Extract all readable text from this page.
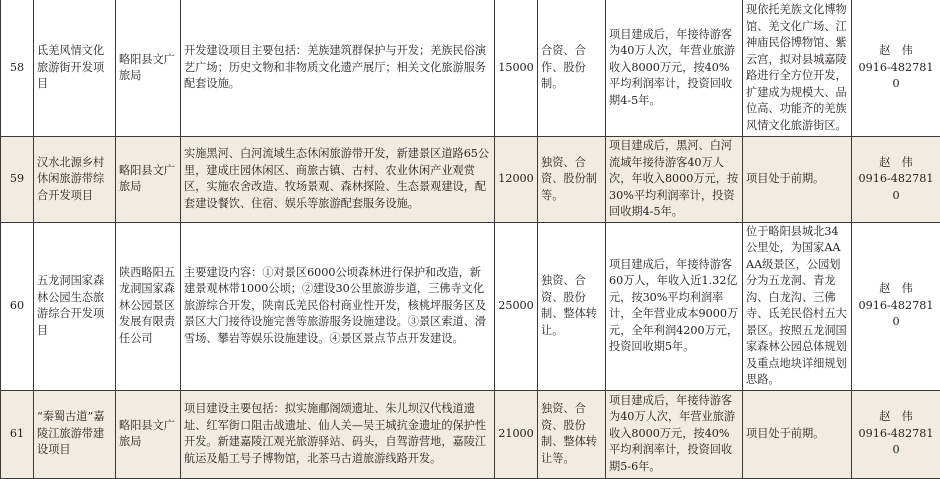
58	氐羌风情文化旅游街开发项目	略阳县文广旅局	开发建设项目主要包括：羌族建筑群保护与开发；羌族民俗演艺广场；历史文物和非物质文化遗产展厅；相关文化旅游服务配套设施。	15000	合资、合作、股份制。	项目建成后，年接待游客为40万人次，年营业旅游收入8000万元，按40%平均利润率计，投资回收期4-5年。	现依托羌族文化博物馆、羌文化广场、江神庙民俗博物馆、紫云宫，拟对县城嘉陵路进行全方位开发，扩建成为规模大、品位高、功能齐的羌族风情文化旅游街区。	赵　伟
0916-4827810

59	汉水北源乡村休闲旅游带综合开发项目	略阳县文广旅局	实施黑河、白河流域生态休闲旅游带开发，新建景区道路65公里，建成庄园休闲区、商旅古镇、古村、农业休闲产业观赏区，实施农舍改造、牧场景观、森林探险、生态景观建设，配套建设餐饮、住宿、娱乐等旅游配套服务设施。	12000	独资、合资、股份制等。	项目建成后，黑河、白河流域年接待游客40万人次，年收入8000万元，按30%平均利润率计，投资回收期4-5年。	项目处于前期。	赵　伟
0916-4827810

60	五龙洞国家森林公园生态旅游综合开发项目	陕西略阳五龙洞国家森林公园景区发展有限责任公司	主要建设内容：①对景区6000公顷森林进行保护和改造，新建景观林带1000公顷；②建设30公里旅游步道，三佛寺文化旅游综合开发，陕南氐羌民俗村商业性开发，核桃坪服务区及景区大门接待设施完善等旅游服务设施建设。③景区索道、滑雪场、攀岩等娱乐设施建设。④景区景点节点开发建设。	25000	独资、合资、股份制、整体转让。	项目建成后，年接待游客60万人，年收入近1.32亿元，按30%平均利润率计，全年营业成本9000万元，全年利润4200万元，投资回收期5年。	位于略阳县城北34公里处，为国家AAAA级景区，公园划分为五龙洞、青龙沟、白龙沟、三佛寺、氐羌民俗村五大景区。按照五龙洞国家森林公园总体规划及重点地块详细规划思路。	赵　伟
0916-4827810

61	“秦蜀古道”嘉陵江旅游带建设项目	略阳县文广旅局	项目建设主要包括：拟实施郙阁颂遗址、朱儿坝汉代栈道遗址、红军街口阻击战遗址、仙人关—吴王城抗金遗址的保护性开发。新建嘉陵江观光旅游驿站、码头，自驾游营地，嘉陵江航运及船工号子博物馆，北茶马古道旅游线路开发。	21000	独资、合资、股份制、整体转让等。	项目建成后，年接待游客为40万人次，年营业旅游收入8000万元，按40%平均利润率计，投资回收期5-6年。	项目处于前期。	赵　伟
0916-4827810
